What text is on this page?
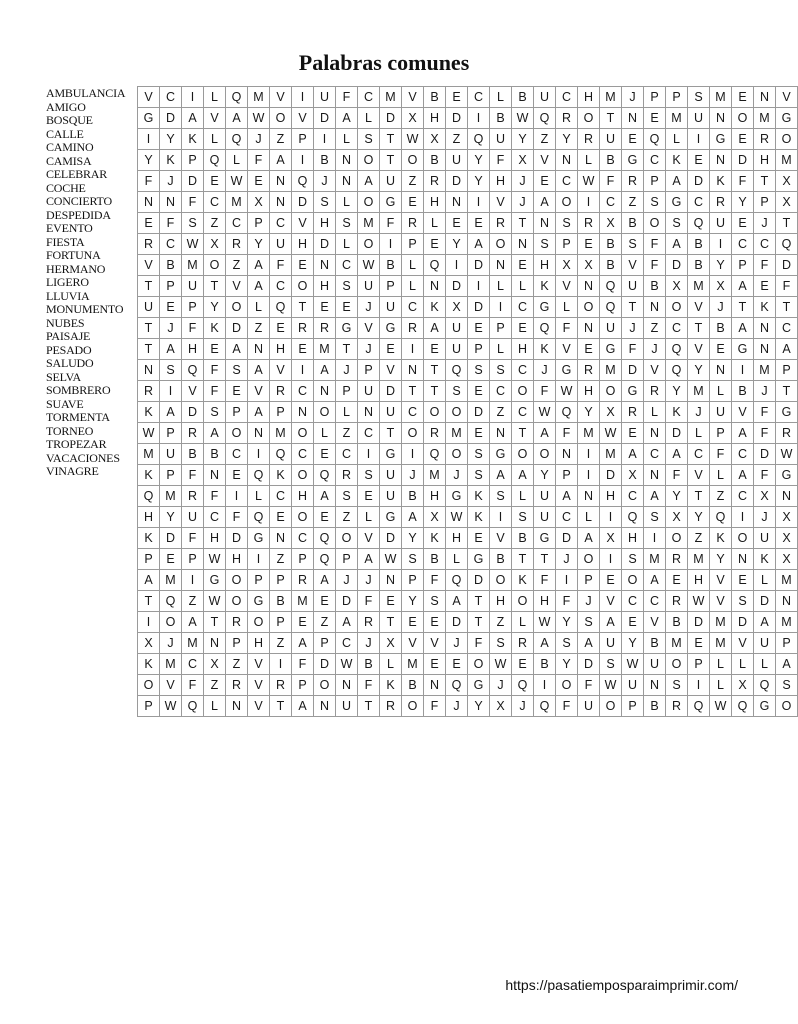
Palabras comunes
AMBULANCIA
AMIGO
BOSQUE
CALLE
CAMINO
CAMISA
CELEBRAR
COCHE
CONCIERTO
DESPEDIDA
EVENTO
FIESTA
FORTUNA
HERMANO
LIGERO
LLUVIA
MONUMENTO
NUBES
PAISAJE
PESADO
SALUDO
SELVA
SOMBRERO
SUAVE
TORMENTA
TORNEO
TROPEZAR
VACACIONES
VINAGRE
V	C	I	L	Q	M	V	I	U	F	C	M	V	B	E	C	L	B	U	C	H	M	J	P	P	S	M	E	N	V
G	D	A	V	A	W	O	V	D	A	L	D	X	H	D	I	B	W	Q	R	O	T	N	E	M	U	N	O	M	G
I	Y	K	L	Q	J	Z	P	I	L	S	T	W	X	Z	Q	U	Y	Z	Y	R	U	E	Q	L	I	G	E	R	O
Y	K	P	Q	L	F	A	I	B	N	O	T	O	B	U	Y	F	X	V	N	L	B	G	C	K	E	N	D	H	M
F	J	D	E	W	E	N	Q	J	N	A	U	Z	R	D	Y	H	J	E	C	W	F	R	P	A	D	K	F	T	X
N	N	F	C	M	X	N	D	S	L	O	G	E	H	N	I	V	J	A	O	I	C	Z	S	G	C	R	Y	P	X
E	F	S	Z	C	P	C	V	H	S	M	F	R	L	E	E	R	T	N	S	R	X	B	O	S	Q	U	E	J	T
R	C	W	X	R	Y	U	H	D	L	O	I	P	E	Y	A	O	N	S	P	E	B	S	F	A	B	I	C	C	Q
V	B	M	O	Z	A	F	E	N	C	W	B	L	Q	I	D	N	E	H	X	X	B	V	F	D	B	Y	P	F	D
T	P	U	T	V	A	C	O	H	S	U	P	L	N	D	I	L	L	K	V	N	Q	U	B	X	M	X	A	E	F
U	E	P	Y	O	L	Q	T	E	E	J	U	C	K	X	D	I	C	G	L	O	Q	T	N	O	V	J	T	K	T
T	J	F	K	D	Z	E	R	R	G	V	G	R	A	U	E	P	E	Q	F	N	U	J	Z	C	T	B	A	N	C
T	A	H	E	A	N	H	E	M	T	J	E	I	E	U	P	L	H	K	V	E	G	F	J	Q	V	E	G	N	A
N	S	Q	F	S	A	V	I	A	J	P	V	N	T	Q	S	S	C	J	G	R	M	D	V	Q	Y	N	I	M	P
R	I	V	F	E	V	R	C	N	P	U	D	T	T	S	E	C	O	F	W	H	O	G	R	Y	M	L	B	J	T
K	A	D	S	P	A	P	N	O	L	N	U	C	O	O	D	Z	C	W	Q	Y	X	R	L	K	J	U	V	F	G
W	P	R	A	O	N	M	O	L	Z	C	T	O	R	M	E	N	T	A	F	M	W	E	N	D	L	P	A	F	R
M	U	B	B	C	I	Q	C	E	C	I	G	I	Q	O	S	G	O	O	N	I	M	A	C	A	C	F	C	D	W
K	P	F	N	E	Q	K	O	Q	R	S	U	J	M	J	S	A	A	Y	P	I	D	X	N	F	V	L	A	F	G
Q	M	R	F	I	L	C	H	A	S	E	U	B	H	G	K	S	L	U	A	N	H	C	A	Y	T	Z	C	X	N
H	Y	U	C	F	Q	E	O	E	Z	L	G	A	X	W	K	I	S	U	C	L	I	Q	S	X	Y	Q	I	J	X
K	D	F	H	D	G	N	C	Q	O	V	D	Y	K	H	E	V	B	G	D	A	X	H	I	O	Z	K	O	U	X
P	E	P	W	H	I	Z	P	Q	P	A	W	S	B	L	G	B	T	T	J	O	I	S	M	R	M	Y	N	K	X
A	M	I	G	O	P	P	R	A	J	J	N	P	F	Q	D	O	K	F	I	P	E	O	A	E	H	V	E	L	M
T	Q	Z	W	O	G	B	M	E	D	F	E	Y	S	A	T	H	O	H	F	J	V	C	C	R	W	V	S	D	N
I	O	A	T	R	O	P	E	Z	A	R	T	E	E	D	T	Z	L	W	Y	S	A	E	V	B	D	M	D	A	M
X	J	M	N	P	H	Z	A	P	C	J	X	V	V	J	F	S	R	A	S	A	U	Y	B	M	E	M	V	U	P
K	M	C	X	Z	V	I	F	D	W	B	L	M	E	E	O	W	E	B	Y	D	S	W	U	O	P	L	L	L	A
O	V	F	Z	R	V	R	P	O	N	F	K	B	N	Q	G	J	Q	I	O	F	W	U	N	S	I	L	X	Q	S
P	W	Q	L	N	V	T	A	N	U	T	R	O	F	J	Y	X	J	Q	F	U	O	P	B	R	Q	W	Q	G	O
https://pasatiemposparaimprimir.com/
